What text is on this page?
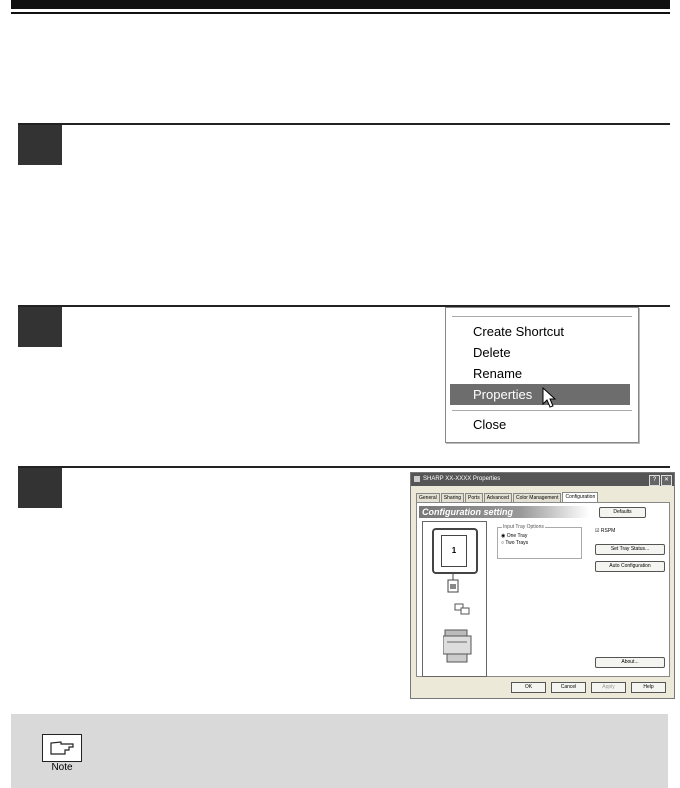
Create Shortcut
Delete
Rename
Properties
Close
SHARP XX-XXXX Properties	?	✕
General	Sharing	Ports	Advanced	Color Management	Configuration
Configuration setting	Defaults
1
Input Tray Options
◉ One Tray
○ Two Trays
☑ RSPM
Set Tray Status...
Auto Configuration
About...
OK	Cancel	Apply	Help
Note
